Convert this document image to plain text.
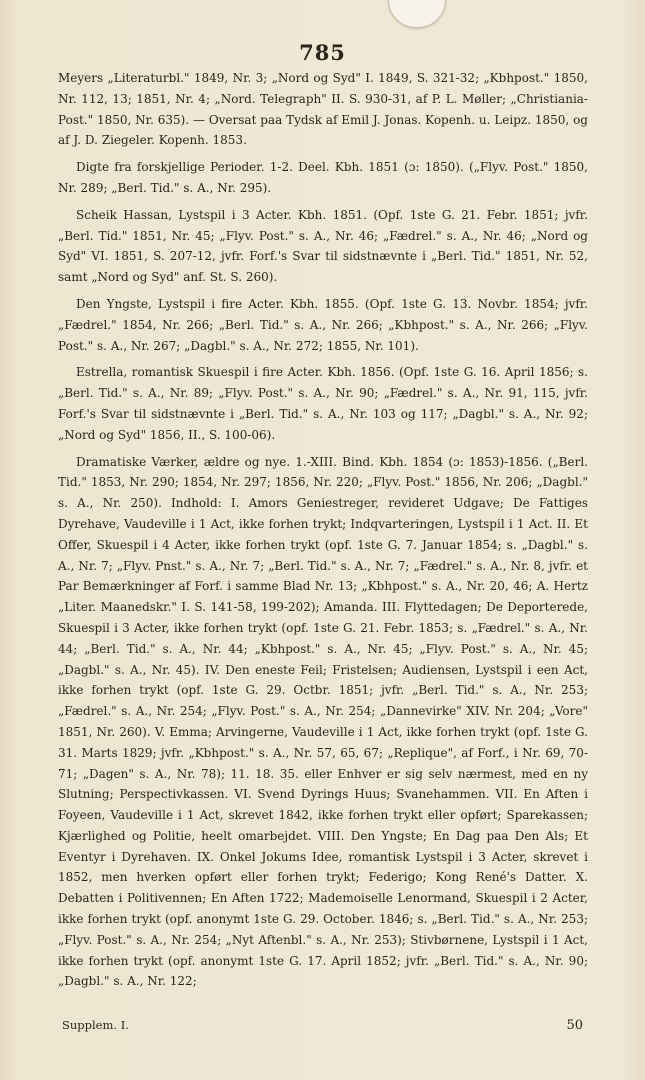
785

Meyers „Literaturbl." 1849, Nr. 3; „Nord og Syd" I. 1849, S. 321-32; „Kbhpost." 1850, Nr. 112, 13; 1851, Nr. 4; „Nord. Telegraph" II. S. 930-31, af P. L. Møller; „Christiania-Post." 1850, Nr. 635). — Oversat paa Tydsk af Emil J. Jonas. Kopenh. u. Leipz. 1850, og af J. D. Ziegeler. Kopenh. 1853.

Digte fra forskjellige Perioder. 1-2. Deel. Kbh. 1851 (ɔ: 1850). („Flyv. Post." 1850, Nr. 289; „Berl. Tid." s. A., Nr. 295).

Scheik Hassan, Lystspil i 3 Acter. Kbh. 1851. (Opf. 1ste G. 21. Febr. 1851; jvfr. „Berl. Tid." 1851, Nr. 45; „Flyv. Post." s. A., Nr. 46; „Fædrel." s. A., Nr. 46; „Nord og Syd" VI. 1851, S. 207-12, jvfr. Forf.'s Svar til sidstnævnte i „Berl. Tid." 1851, Nr. 52, samt „Nord og Syd" anf. St. S. 260).

Den Yngste, Lystspil i fire Acter. Kbh. 1855. (Opf. 1ste G. 13. Novbr. 1854; jvfr. „Fædrel." 1854, Nr. 266; „Berl. Tid." s. A., Nr. 266; „Kbhpost." s. A., Nr. 266; „Flyv. Post." s. A., Nr. 267; „Dagbl." s. A., Nr. 272; 1855, Nr. 101).

Estrella, romantisk Skuespil i fire Acter. Kbh. 1856. (Opf. 1ste G. 16. April 1856; s. „Berl. Tid." s. A., Nr. 89; „Flyv. Post." s. A., Nr. 90; „Fædrel." s. A., Nr. 91, 115, jvfr. Forf.'s Svar til sidstnævnte i „Berl. Tid." s. A., Nr. 103 og 117; „Dagbl." s. A., Nr. 92; „Nord og Syd" 1856, II., S. 100-06).

Dramatiske Værker, ældre og nye. 1.-XIII. Bind. Kbh. 1854 (ɔ: 1853)-1856. („Berl. Tid." 1853, Nr. 290; 1854, Nr. 297; 1856, Nr. 220; „Flyv. Post." 1856, Nr. 206; „Dagbl." s. A., Nr. 250). Indhold: I. Amors Geniestreger, revideret Udgave; De Fattiges Dyrehave, Vaudeville i 1 Act, ikke forhen trykt; Indqvarteringen, Lystspil i 1 Act. II. Et Offer, Skuespil i 4 Acter, ikke forhen trykt (opf. 1ste G. 7. Januar 1854; s. „Dagbl." s. A., Nr. 7; „Flyv. Pnst." s. A., Nr. 7; „Berl. Tid." s. A., Nr. 7; „Fædrel." s. A., Nr. 8, jvfr. et Par Bemærkninger af Forf. i samme Blad Nr. 13; „Kbhpost." s. A., Nr. 20, 46; A. Hertz „Liter. Maanedskr." I. S. 141-58, 199-202); Amanda. III. Flyttedagen; De Deporterede, Skuespil i 3 Acter, ikke forhen trykt (opf. 1ste G. 21. Febr. 1853; s. „Fædrel." s. A., Nr. 44; „Berl. Tid." s. A., Nr. 44; „Kbhpost." s. A., Nr. 45; „Flyv. Post." s. A., Nr. 45; „Dagbl." s. A., Nr. 45). IV. Den eneste Feil; Fristelsen; Audiensen, Lystspil i een Act, ikke forhen trykt (opf. 1ste G. 29. Octbr. 1851; jvfr. „Berl. Tid." s. A., Nr. 253; „Fædrel." s. A., Nr. 254; „Flyv. Post." s. A., Nr. 254; „Dannevirke" XIV. Nr. 204; „Vore" 1851, Nr. 260). V. Emma; Arvingerne, Vaudeville i 1 Act, ikke forhen trykt (opf. 1ste G. 31. Marts 1829; jvfr. „Kbhpost." s. A., Nr. 57, 65, 67; „Replique", af Forf., i Nr. 69, 70-71; „Dagen" s. A., Nr. 78); 11. 18. 35. eller Enhver er sig selv nærmest, med en ny Slutning; Perspectivkassen. VI. Svend Dyrings Huus; Svanehammen. VII. En Aften i Foyeen, Vaudeville i 1 Act, skrevet 1842, ikke forhen trykt eller opført; Sparekassen; Kjærlighed og Politie, heelt omarbejdet. VIII. Den Yngste; En Dag paa Den Als; Et Eventyr i Dyrehaven. IX. Onkel Jokums Idee, romantisk Lystspil i 3 Acter, skrevet i 1852, men hverken opført eller forhen trykt; Federigo; Kong René's Datter. X. Debatten i Politivennen; En Aften 1722; Mademoiselle Lenormand, Skuespil i 2 Acter, ikke forhen trykt (opf. anonymt 1ste G. 29. October. 1846; s. „Berl. Tid." s. A., Nr. 253; „Flyv. Post." s. A., Nr. 254; „Nyt Aftenbl." s. A., Nr. 253); Stivbørnene, Lystspil i 1 Act, ikke forhen trykt (opf. anonymt 1ste G. 17. April 1852; jvfr. „Berl. Tid." s. A., Nr. 90; „Dagbl." s. A., Nr. 122;

Supplem. I.	50
